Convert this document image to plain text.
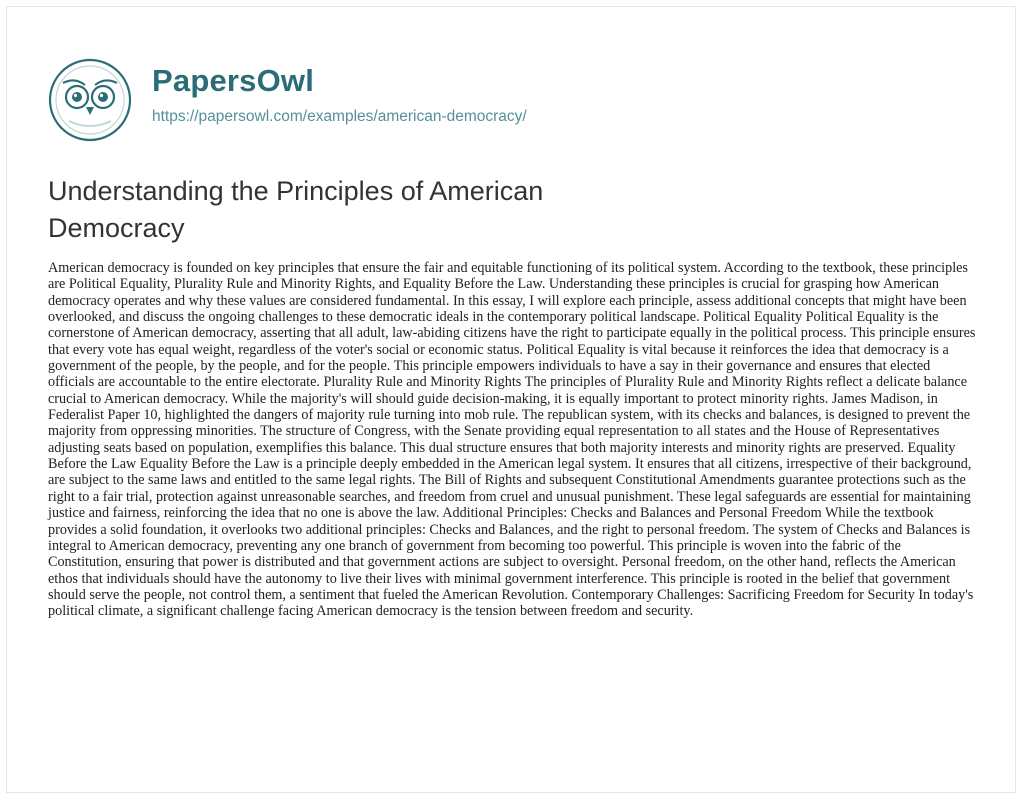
PapersOwl
https://papersowl.com/examples/american-democracy/
Understanding the Principles of American Democracy

American democracy is founded on key principles that ensure the fair and equitable functioning of its political system. According to the textbook, these principles are Political Equality, Plurality Rule and Minority Rights, and Equality Before the Law. Understanding these principles is crucial for grasping how American democracy operates and why these values are considered fundamental. In this essay, I will explore each principle, assess additional concepts that might have been overlooked, and discuss the ongoing challenges to these democratic ideals in the contemporary political landscape. Political Equality Political Equality is the cornerstone of American democracy, asserting that all adult, law-abiding citizens have the right to participate equally in the political process. This principle ensures that every vote has equal weight, regardless of the voter's social or economic status. Political Equality is vital because it reinforces the idea that democracy is a government of the people, by the people, and for the people. This principle empowers individuals to have a say in their governance and ensures that elected officials are accountable to the entire electorate. Plurality Rule and Minority Rights The principles of Plurality Rule and Minority Rights reflect a delicate balance crucial to American democracy. While the majority's will should guide decision-making, it is equally important to protect minority rights. James Madison, in Federalist Paper 10, highlighted the dangers of majority rule turning into mob rule. The republican system, with its checks and balances, is designed to prevent the majority from oppressing minorities. The structure of Congress, with the Senate providing equal representation to all states and the House of Representatives adjusting seats based on population, exemplifies this balance. This dual structure ensures that both majority interests and minority rights are preserved. Equality Before the Law Equality Before the Law is a principle deeply embedded in the American legal system. It ensures that all citizens, irrespective of their background, are subject to the same laws and entitled to the same legal rights. The Bill of Rights and subsequent Constitutional Amendments guarantee protections such as the right to a fair trial, protection against unreasonable searches, and freedom from cruel and unusual punishment. These legal safeguards are essential for maintaining justice and fairness, reinforcing the idea that no one is above the law. Additional Principles: Checks and Balances and Personal Freedom While the textbook provides a solid foundation, it overlooks two additional principles: Checks and Balances, and the right to personal freedom. The system of Checks and Balances is integral to American democracy, preventing any one branch of government from becoming too powerful. This principle is woven into the fabric of the Constitution, ensuring that power is distributed and that government actions are subject to oversight. Personal freedom, on the other hand, reflects the American ethos that individuals should have the autonomy to live their lives with minimal government interference. This principle is rooted in the belief that government should serve the people, not control them, a sentiment that fueled the American Revolution. Contemporary Challenges: Sacrificing Freedom for Security In today's political climate, a significant challenge facing American democracy is the tension between freedom and security.
